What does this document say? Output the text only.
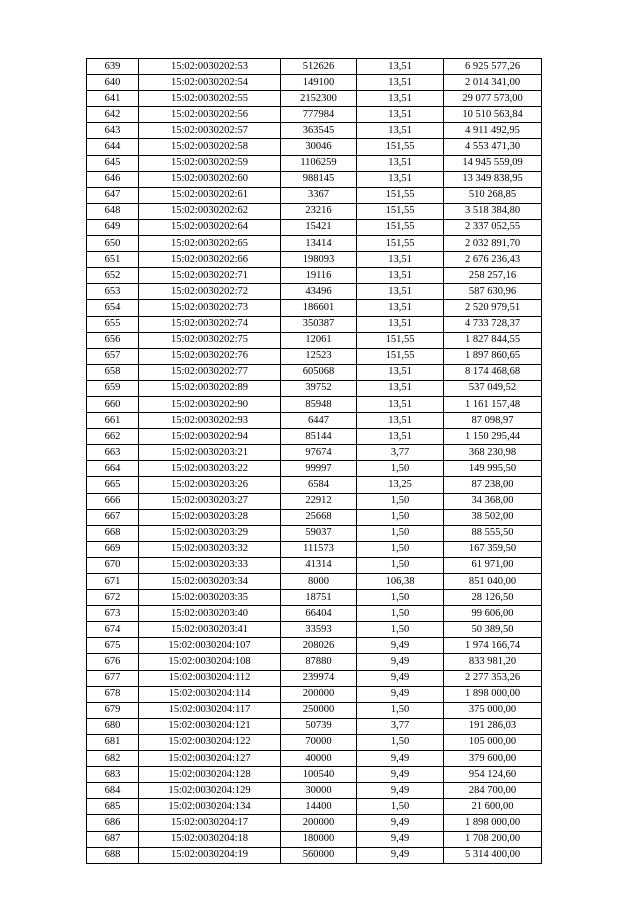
639	15:02:0030202:53	512626	13,51	6 925 577,26
640	15:02:0030202:54	149100	13,51	2 014 341,00
641	15:02:0030202:55	2152300	13,51	29 077 573,00
642	15:02:0030202:56	777984	13,51	10 510 563,84
643	15:02:0030202:57	363545	13,51	4 911 492,95
644	15:02:0030202:58	30046	151,55	4 553 471,30
645	15:02:0030202:59	1106259	13,51	14 945 559,09
646	15:02:0030202:60	988145	13,51	13 349 838,95
647	15:02:0030202:61	3367	151,55	510 268,85
648	15:02:0030202:62	23216	151,55	3 518 384,80
649	15:02:0030202:64	15421	151,55	2 337 052,55
650	15:02:0030202:65	13414	151,55	2 032 891,70
651	15:02:0030202:66	198093	13,51	2 676 236,43
652	15:02:0030202:71	19116	13,51	258 257,16
653	15:02:0030202:72	43496	13,51	587 630,96
654	15:02:0030202:73	186601	13,51	2 520 979,51
655	15:02:0030202:74	350387	13,51	4 733 728,37
656	15:02:0030202:75	12061	151,55	1 827 844,55
657	15:02:0030202:76	12523	151,55	1 897 860,65
658	15:02:0030202:77	605068	13,51	8 174 468,68
659	15:02:0030202:89	39752	13,51	537 049,52
660	15:02:0030202:90	85948	13,51	1 161 157,48
661	15:02:0030202:93	6447	13,51	87 098,97
662	15:02:0030202:94	85144	13,51	1 150 295,44
663	15:02:0030203:21	97674	3,77	368 230,98
664	15:02:0030203:22	99997	1,50	149 995,50
665	15:02:0030203:26	6584	13,25	87 238,00
666	15:02:0030203:27	22912	1,50	34 368,00
667	15:02:0030203:28	25668	1,50	38 502,00
668	15:02:0030203:29	59037	1,50	88 555,50
669	15:02:0030203:32	111573	1,50	167 359,50
670	15:02:0030203:33	41314	1,50	61 971,00
671	15:02:0030203:34	8000	106,38	851 040,00
672	15:02:0030203:35	18751	1,50	28 126,50
673	15:02:0030203:40	66404	1,50	99 606,00
674	15:02:0030203:41	33593	1,50	50 389,50
675	15:02:0030204:107	208026	9,49	1 974 166,74
676	15:02:0030204:108	87880	9,49	833 981,20
677	15:02:0030204:112	239974	9,49	2 277 353,26
678	15:02:0030204:114	200000	9,49	1 898 000,00
679	15:02:0030204:117	250000	1,50	375 000,00
680	15:02:0030204:121	50739	3,77	191 286,03
681	15:02:0030204:122	70000	1,50	105 000,00
682	15:02:0030204:127	40000	9,49	379 600,00
683	15:02:0030204:128	100540	9,49	954 124,60
684	15:02:0030204:129	30000	9,49	284 700,00
685	15:02:0030204:134	14400	1,50	21 600,00
686	15:02:0030204:17	200000	9,49	1 898 000,00
687	15:02:0030204:18	180000	9,49	1 708 200,00
688	15:02:0030204:19	560000	9,49	5 314 400,00
